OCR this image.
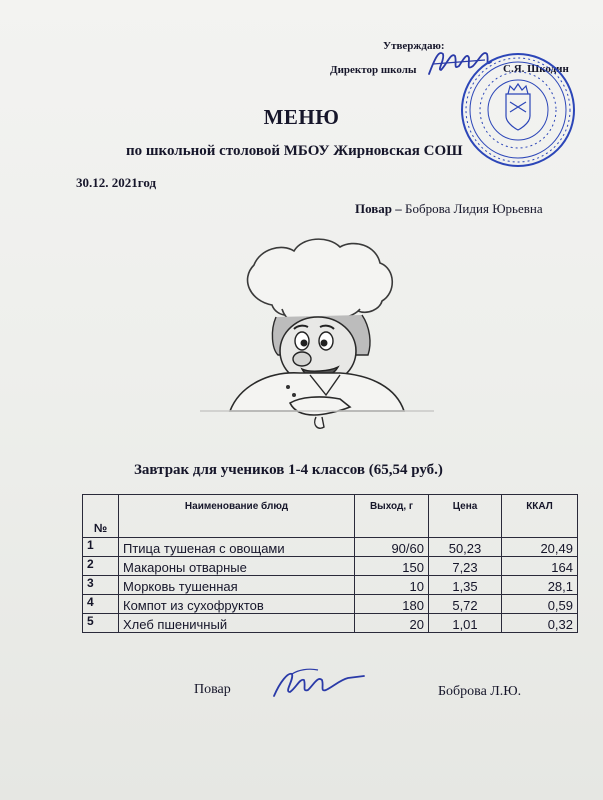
Утверждаю:
Директор школы	С.Я. Шкодин
МЕНЮ
по школьной столовой МБОУ Жирновская СОШ
30.12. 2021год
Повар – Боброва Лидия Юрьевна
Завтрак для учеников 1-4 классов (65,54 руб.)
№	Наименование блюд	Выход, г	Цена	ККАЛ
1	Птица тушеная с овощами	90/60	50,23	20,49
2	Макароны отварные	150	7,23	164
3	Морковь тушенная	10	1,35	28,1
4	Компот из сухофруктов	180	5,72	0,59
5	Хлеб пшеничный	20	1,01	0,32
Повар	Боброва Л.Ю.
